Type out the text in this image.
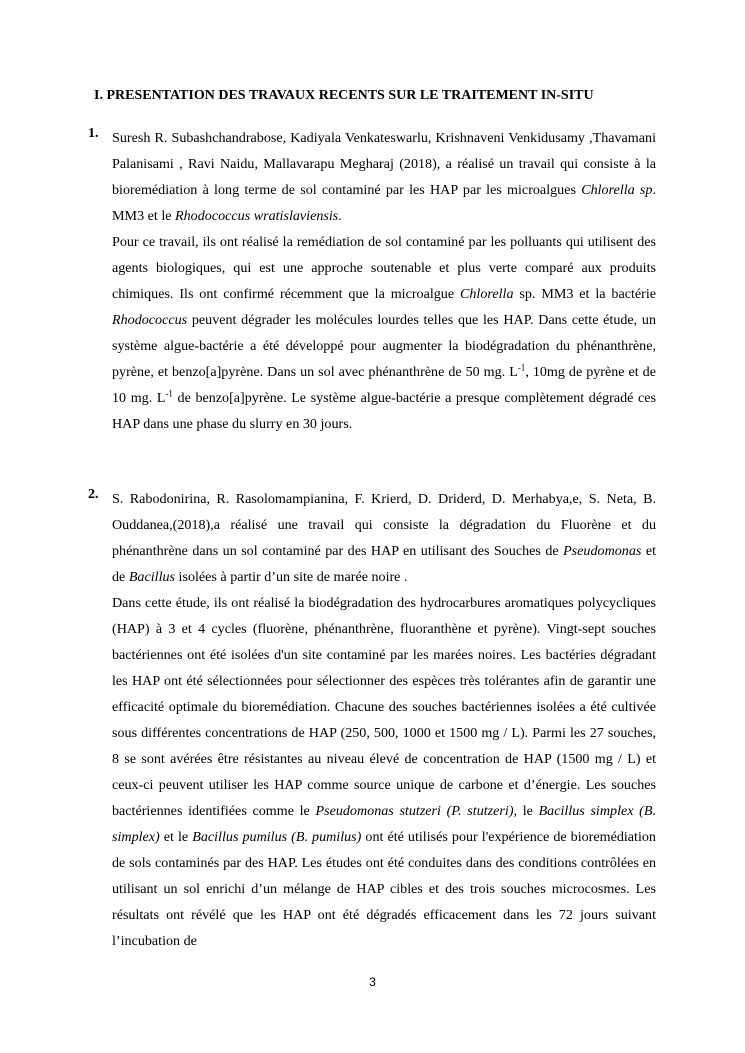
I. PRESENTATION DES TRAVAUX RECENTS SUR LE TRAITEMENT IN-SITU
1. Suresh R. Subashchandrabose, Kadiyala Venkateswarlu, Krishnaveni Venkidusamy ,Thavamani Palanisami , Ravi Naidu, Mallavarapu Megharaj (2018), a réalisé un travail qui consiste à la bioremédiation à long terme de sol contaminé par les HAP par les microalgues Chlorella sp. MM3 et le Rhodococcus wratislaviensis.

Pour ce travail, ils ont réalisé la remédiation de sol contaminé par les polluants qui utilisent des agents biologiques, qui est une approche soutenable et plus verte comparé aux produits chimiques. Ils ont confirmé récemment que la microalgue Chlorella sp. MM3 et la bactérie Rhodococcus peuvent dégrader les molécules lourdes telles que les HAP. Dans cette étude, un système algue-bactérie a été développé pour augmenter la biodégradation du phénanthrène, pyrène, et benzo[a]pyrène. Dans un sol avec phénanthrène de 50 mg. $L^{-1}$, 10mg de pyrène et de 10 mg. $L^{-1}$ de benzo[a]pyrène. Le système algue-bactérie a presque complètement dégradé ces HAP dans une phase du slurry en 30 jours.

2. S. Rabodonirina, R. Rasolomampianina, F. Krierd, D. Driderd, D. Merhabya,e, S. Neta, B. Ouddanea,(2018),a réalisé une travail qui consiste la dégradation du Fluorène et du phénanthrène dans un sol contaminé par des HAP en utilisant des Souches de Pseudomonas et de Bacillus isolées à partir d’un site de marée noire .

Dans cette étude, ils ont réalisé la biodégradation des hydrocarbures aromatiques polycycliques (HAP) à 3 et 4 cycles (fluorène, phénanthrène, fluoranthène et pyrène). Vingt-sept souches bactériennes ont été isolées d'un site contaminé par les marées noires. Les bactéries dégradant les HAP ont été sélectionnées pour sélectionner des espèces très tolérantes afin de garantir une efficacité optimale du bioremédiation. Chacune des souches bactériennes isolées a été cultivée sous différentes concentrations de HAP (250, 500, 1000 et 1500 mg / L). Parmi les 27 souches, 8 se sont avérées être résistantes au niveau élevé de concentration de HAP (1500 mg / L) et ceux-ci peuvent utiliser les HAP comme source unique de carbone et d’énergie. Les souches bactériennes identifiées comme le Pseudomonas stutzeri (P. stutzeri), le Bacillus simplex (B. simplex) et le Bacillus pumilus (B. pumilus) ont été utilisés pour l'expérience de bioremédiation de sols contaminés par des HAP. Les études ont été conduites dans des conditions contrôlées en utilisant un sol enrichi d’un mélange de HAP cibles et des trois souches microcosmes. Les résultats ont révélé que les HAP ont été dégradés efficacement dans les 72 jours suivant l’incubation de

3
